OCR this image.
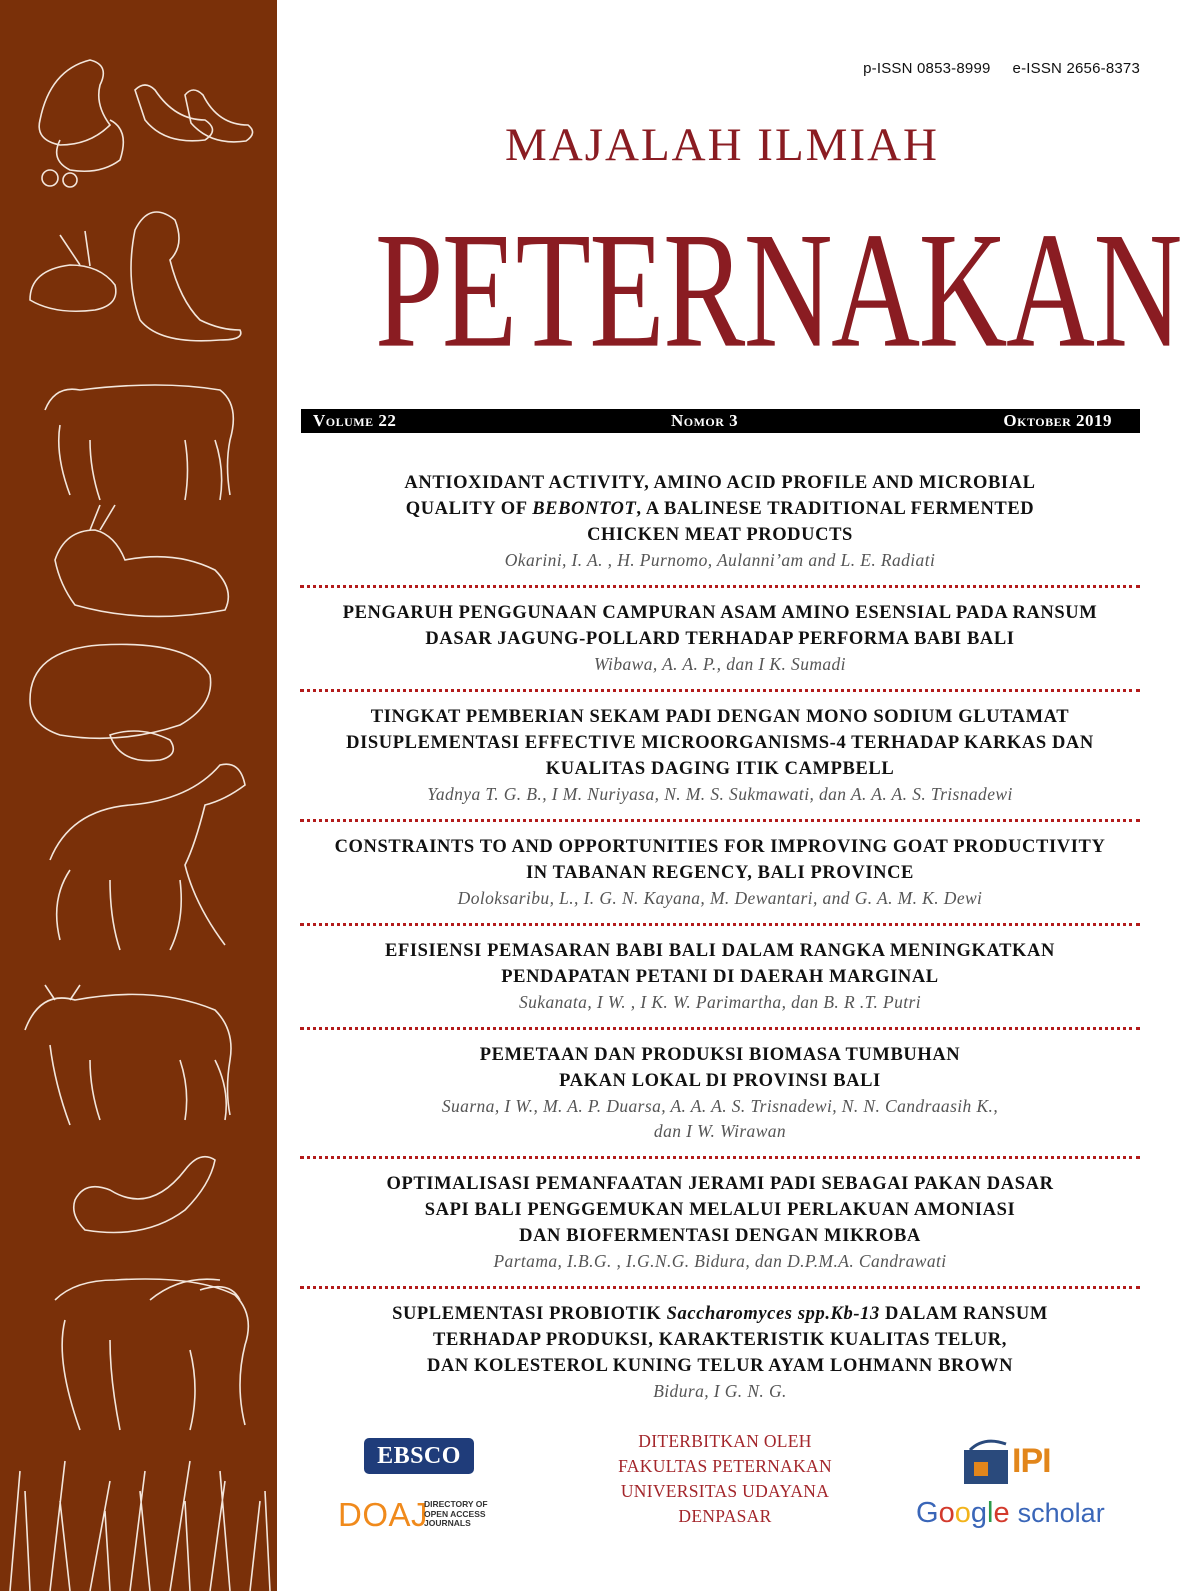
p-ISSN 0853-8999 e-ISSN 2656-8373
MAJALAH ILMIAH
PETERNAKAN
Volume 22	Nomor 3	Oktober 2019
ANTIOXIDANT ACTIVITY, AMINO ACID PROFILE AND MICROBIAL
QUALITY OF BEBONTOT, A BALINESE TRADITIONAL FERMENTED
CHICKEN MEAT PRODUCTS
Okarini, I. A. , H. Purnomo, Aulanni’am and L. E. Radiati
PENGARUH PENGGUNAAN CAMPURAN ASAM AMINO ESENSIAL PADA RANSUM
DASAR JAGUNG-POLLARD TERHADAP PERFORMA BABI BALI
Wibawa, A. A. P., dan I K. Sumadi
TINGKAT PEMBERIAN SEKAM PADI DENGAN MONO SODIUM GLUTAMAT
DISUPLEMENTASI EFFECTIVE MICROORGANISMS-4 TERHADAP KARKAS DAN
KUALITAS DAGING ITIK CAMPBELL
Yadnya T. G. B., I M. Nuriyasa, N. M. S. Sukmawati, dan A. A. A. S. Trisnadewi
CONSTRAINTS TO AND OPPORTUNITIES FOR IMPROVING GOAT PRODUCTIVITY
IN TABANAN REGENCY, BALI PROVINCE
Doloksaribu, L., I. G. N. Kayana, M. Dewantari, and G. A. M. K. Dewi
EFISIENSI PEMASARAN BABI BALI DALAM RANGKA MENINGKATKAN
PENDAPATAN PETANI DI DAERAH MARGINAL
Sukanata, I W. , I K. W. Parimartha, dan B. R .T. Putri
PEMETAAN DAN PRODUKSI BIOMASA TUMBUHAN
PAKAN LOKAL DI PROVINSI BALI
Suarna, I W., M. A. P. Duarsa, A. A. A. S. Trisnadewi, N. N. Candraasih K.,
dan I W. Wirawan
OPTIMALISASI PEMANFAATAN JERAMI PADI SEBAGAI PAKAN DASAR
SAPI BALI PENGGEMUKAN MELALUI PERLAKUAN AMONIASI
DAN BIOFERMENTASI DENGAN MIKROBA
Partama, I.B.G. , I.G.N.G. Bidura, dan D.P.M.A. Candrawati
SUPLEMENTASI PROBIOTIK Saccharomyces spp.Kb-13 DALAM RANSUM
TERHADAP PRODUKSI, KARAKTERISTIK KUALITAS TELUR,
DAN KOLESTEROL KUNING TELUR AYAM LOHMANN BROWN
Bidura, I G. N. G.
EBSCO
DOAJ
DIRECTORY OF
OPEN ACCESS
JOURNALS
DITERBITKAN OLEH
FAKULTAS PETERNAKAN
UNIVERSITAS UDAYANA
DENPASAR
IPI
Google scholar
